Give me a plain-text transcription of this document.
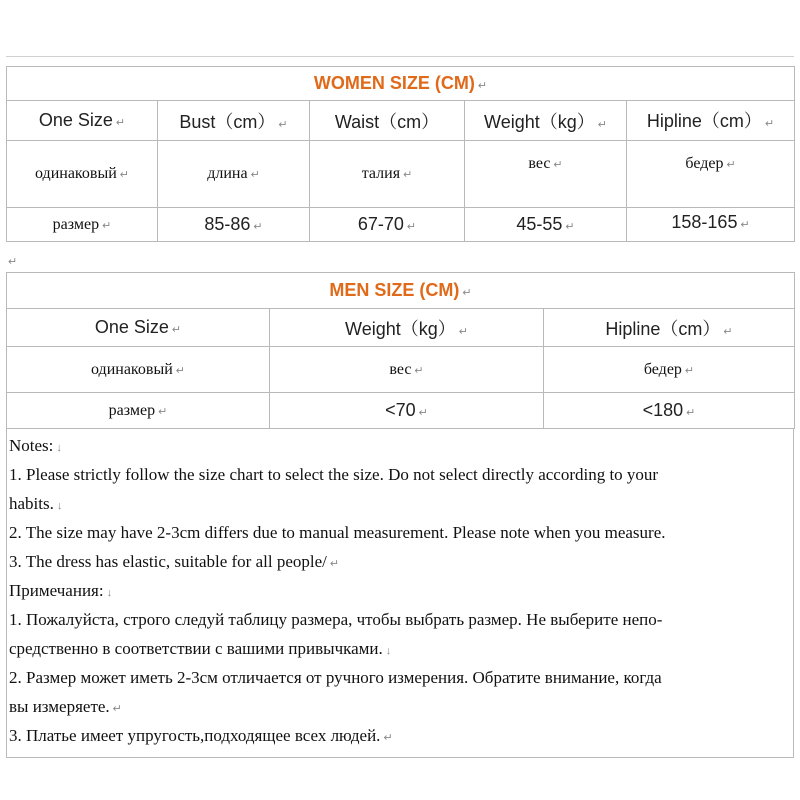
WOMEN SIZE (CM) ↵				
One Size ↵	Bust（cm） ↵	Waist（cm）	Weight（kg） ↵	Hipline（cm） ↵
одинаковый ↵	длина ↵	талия ↵	вес ↵	бедер ↵
размер ↵	85-86 ↵	67-70 ↵	45-55 ↵	158-165 ↵
↵
MEN SIZE (CM) ↵		
One Size ↵	Weight（kg） ↵	Hipline（cm） ↵
одинаковый ↵	вес ↵	бедер ↵
размер ↵	<70 ↵	<180 ↵

Notes: ↓

1. Please strictly follow the size chart to select the size. Do not select directly according to your

habits. ↓

2. The size may have 2-3cm differs due to manual measurement. Please note when you measure.

3. The dress has elastic, suitable for all people/ ↵

Примечания: ↓

1. Пожалуйста, строго следуй таблицу размера, чтобы выбрать размер. Не выберите непо-

средственно в соответствии с вашими привычками. ↓

2. Размер может иметь 2-3см отличается от ручного измерения. Обратите внимание, когда

вы измеряете. ↵

3. Платье имеет упругость,подходящее всех людей. ↵
